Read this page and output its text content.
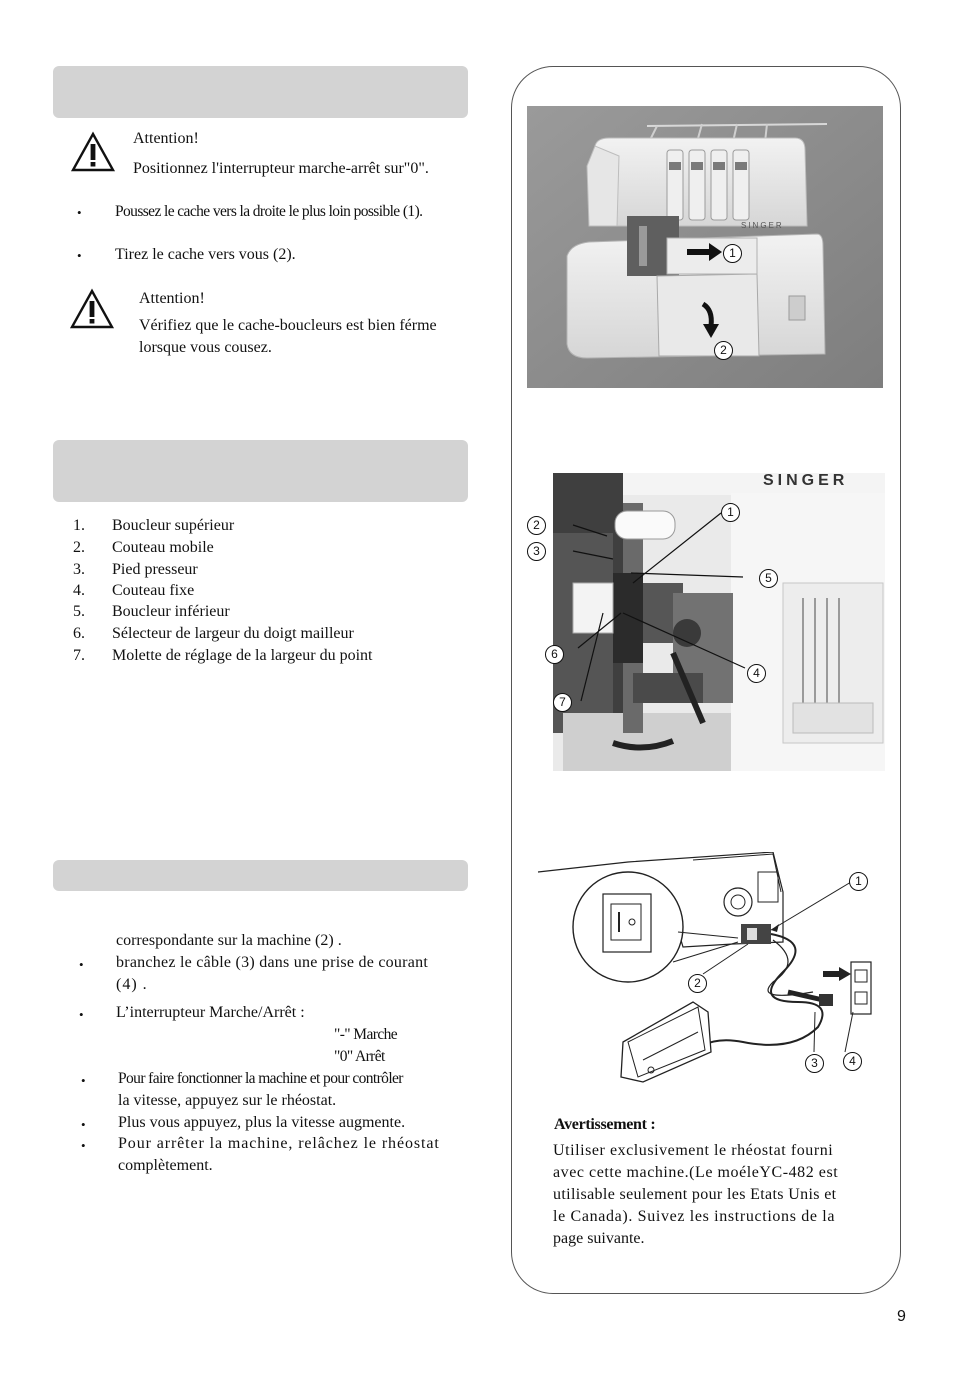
Attention!
Positionnez l'interrupteur marche-arrêt sur"0".
• Poussez le cache vers la droite le plus loin possible (1).
• Tirez le cache vers vous (2).
Attention!
Vérifiez que le cache-boucleurs est bien férme
lorsque vous cousez.
1. Boucleur supérieur
2. Couteau mobile
3. Pied presseur
4. Couteau fixe
5. Boucleur inférieur
6. Sélecteur de largeur du doigt mailleur
7. Molette de réglage de la largeur du point
correspondante sur la machine (2) .
• branchez le câble (3) dans une prise de courant
(4) .
• L’interrupteur Marche/Arrêt :
"-" Marche
"0" Arrêt
• Pour faire fonctionner la machine et pour contrôler
la vitesse, appuyez sur le rhéostat.
• Plus vous appuyez, plus la vitesse augmente.
• Pour arrêter la machine, relâchez le rhéostat
complètement.
SINGER
1
2
SINGER
1
5
4
2
3
6
7
1
2
3	4
Avertissement :
Utiliser exclusivement le rhéostat fourni
avec cette machine.(Le moéleYC-482 est
utilisable seulement pour les Etats Unis et
le Canada). Suivez les instructions de la
page suivante.
9
